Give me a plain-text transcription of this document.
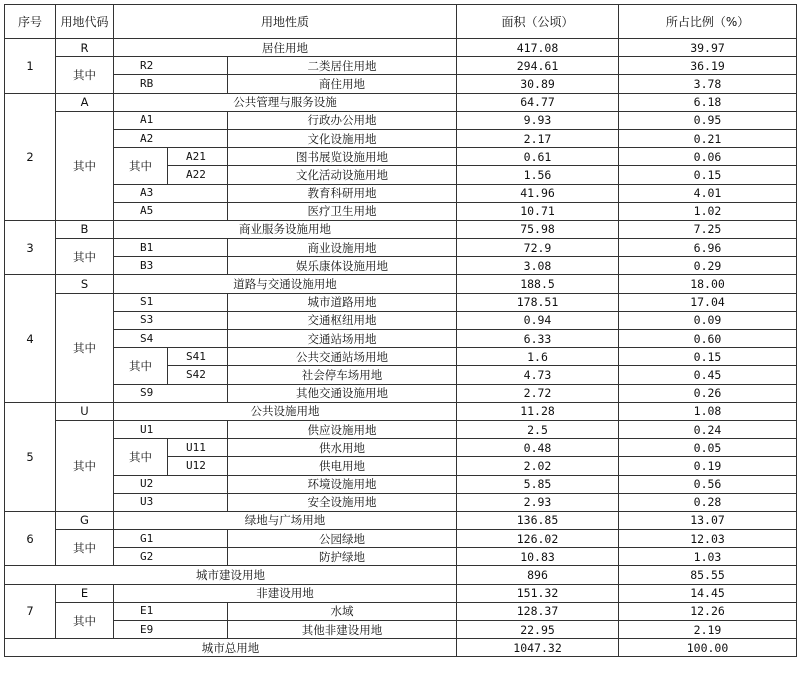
序号	用地代码	用地性质			面积（公顷）	所占比例（%）
1	R	居住用地			417.08	39.97
	其中	R2		二类居住用地	294.61	36.19
		RB		商住用地	30.89	3.78
2	A	公共管理与服务设施			64.77	6.18
	其中	A1		行政办公用地	9.93	0.95
		A2		文化设施用地	2.17	0.21
		其中	A21	图书展览设施用地	0.61	0.06
			A22	文化活动设施用地	1.56	0.15
		A3		教育科研用地	41.96	4.01
		A5		医疗卫生用地	10.71	1.02
3	B	商业服务设施用地			75.98	7.25
	其中	B1		商业设施用地	72.9	6.96
		B3		娱乐康体设施用地	3.08	0.29
4	S	道路与交通设施用地			188.5	18.00
	其中	S1		城市道路用地	178.51	17.04
		S3		交通枢纽用地	0.94	0.09
		S4		交通站场用地	6.33	0.60
		其中	S41	公共交通站场用地	1.6	0.15
			S42	社会停车场用地	4.73	0.45
		S9		其他交通设施用地	2.72	0.26
5	U	公共设施用地			11.28	1.08
	其中	U1		供应设施用地	2.5	0.24
		其中	U11	供水用地	0.48	0.05
			U12	供电用地	2.02	0.19
		U2		环境设施用地	5.85	0.56
		U3		安全设施用地	2.93	0.28
6	G	绿地与广场用地			136.85	13.07
	其中	G1		公园绿地	126.02	12.03
		G2		防护绿地	10.83	1.03
城市建设用地					896	85.55
7	E	非建设用地			151.32	14.45
	其中	E1		水域	128.37	12.26
		E9		其他非建设用地	22.95	2.19
城市总用地					1047.32	100.00
